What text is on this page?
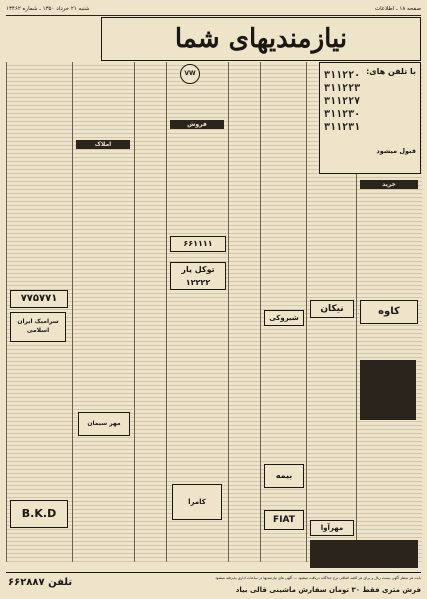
صفحه ۱۸ ـ اطلاعات
شنبه ۲۱ خرداد ۱۳۵۰ ـ شماره ۱۳۴۶۲
نیازمندیهای شما
B.K.D
۷۷۵۷۷۱
سرامیک ایران اسلامی
مهر سیمان
VW
۶۶۱۱۱۱
توکل یار
۱۲۲۲۲
کامرا
شیروکی
FIAT
بیمه
نیکان
مهرآوا
با تلفن های:
۳۱۱۲۲۰
۳۱۱۲۲۳
۳۱۱۲۲۷
۳۱۱۲۳۰
۳۱۱۲۳۱
قبول میشود
خرید
فروش
املاک
کاوه
بابت هر سطر آگهی بیست ریال و برای هر کلمه اضافی نرخ جداگانه دریافت میشود — آگهی های نیازمندیها در ساعات اداری پذیرفته میشود
فرش متری فقط ۳۰ تومان سفارش ماشینی قالی بیاد
تلفن ۶۶۲۸۸۷
